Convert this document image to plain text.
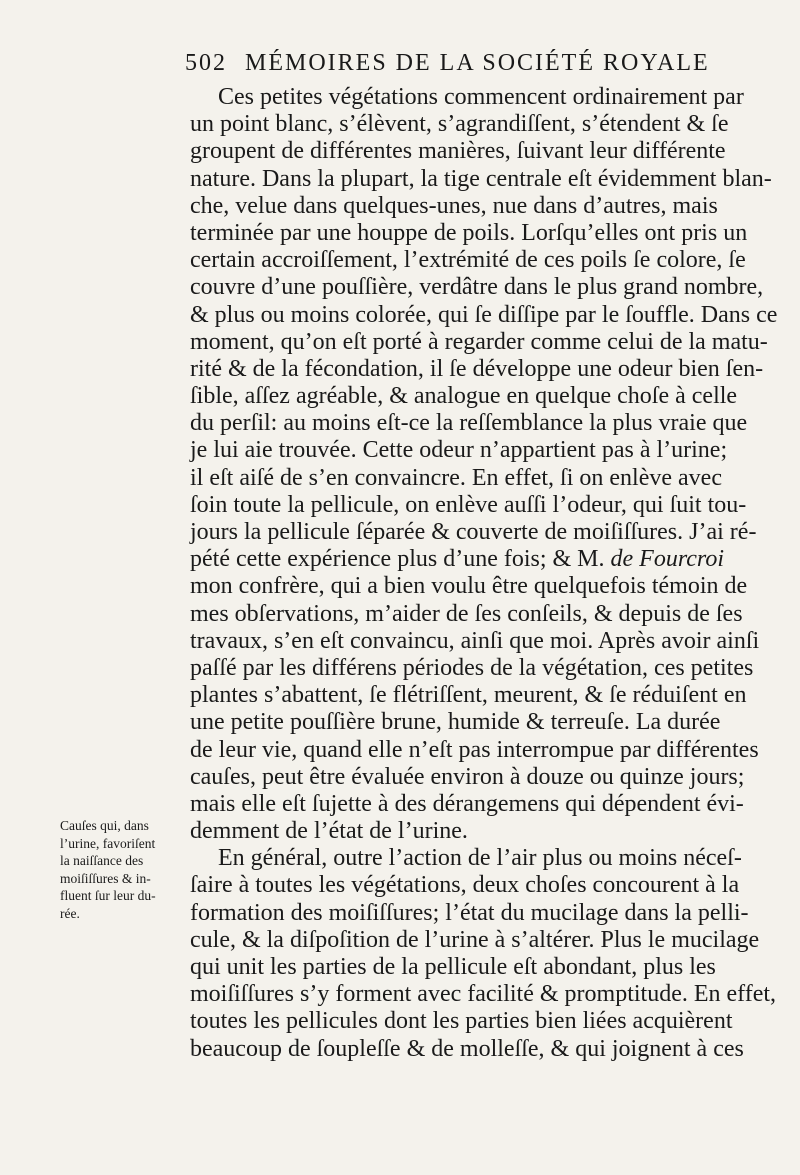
502 MÉMOIRES DE LA SOCIÉTÉ ROYALE
Ces petites végétations commencent ordinairement par
un point blanc, s’élèvent, s’agrandiſſent, s’étendent & ſe
groupent de différentes manières, ſuivant leur différente
nature. Dans la plupart, la tige centrale eſt évidemment blan-
che, velue dans quelques-unes, nue dans d’autres, mais
terminée par une houppe de poils. Lorſqu’elles ont pris un
certain accroiſſement, l’extrémité de ces poils ſe colore, ſe
couvre d’une pouſſière, verdâtre dans le plus grand nombre,
& plus ou moins colorée, qui ſe diſſipe par le ſouffle. Dans ce
moment, qu’on eſt porté à regarder comme celui de la matu-
rité & de la fécondation, il ſe développe une odeur bien ſen-
ſible, aſſez agréable, & analogue en quelque choſe à celle
du perſil: au moins eſt-ce la reſſemblance la plus vraie que
je lui aie trouvée. Cette odeur n’appartient pas à l’urine;
il eſt aiſé de s’en convaincre. En effet, ſi on enlève avec
ſoin toute la pellicule, on enlève auſſi l’odeur, qui ſuit tou-
jours la pellicule ſéparée & couverte de moiſiſſures. J’ai ré-
pété cette expérience plus d’une fois; & M. de Fourcroi
mon confrère, qui a bien voulu être quelquefois témoin de
mes obſervations, m’aider de ſes conſeils, & depuis de ſes
travaux, s’en eſt convaincu, ainſi que moi. Après avoir ainſi
paſſé par les différens périodes de la végétation, ces petites
plantes s’abattent, ſe flétriſſent, meurent, & ſe réduiſent en
une petite pouſſière brune, humide & terreuſe. La durée
de leur vie, quand elle n’eſt pas interrompue par différentes
cauſes, peut être évaluée environ à douze ou quinze jours;
mais elle eſt ſujette à des dérangemens qui dépendent évi-
demment de l’état de l’urine.
En général, outre l’action de l’air plus ou moins néceſ-
ſaire à toutes les végétations, deux choſes concourent à la
formation des moiſiſſures; l’état du mucilage dans la pelli-
cule, & la diſpoſition de l’urine à s’altérer. Plus le mucilage
qui unit les parties de la pellicule eſt abondant, plus les
moiſiſſures s’y forment avec facilité & promptitude. En effet,
toutes les pellicules dont les parties bien liées acquièrent
beaucoup de ſoupleſſe & de molleſſe, & qui joignent à ces
Cauſes qui, dans
l’urine, favoriſent
la naiſſance des
moiſiſſures & in-
fluent ſur leur du-
rée.
